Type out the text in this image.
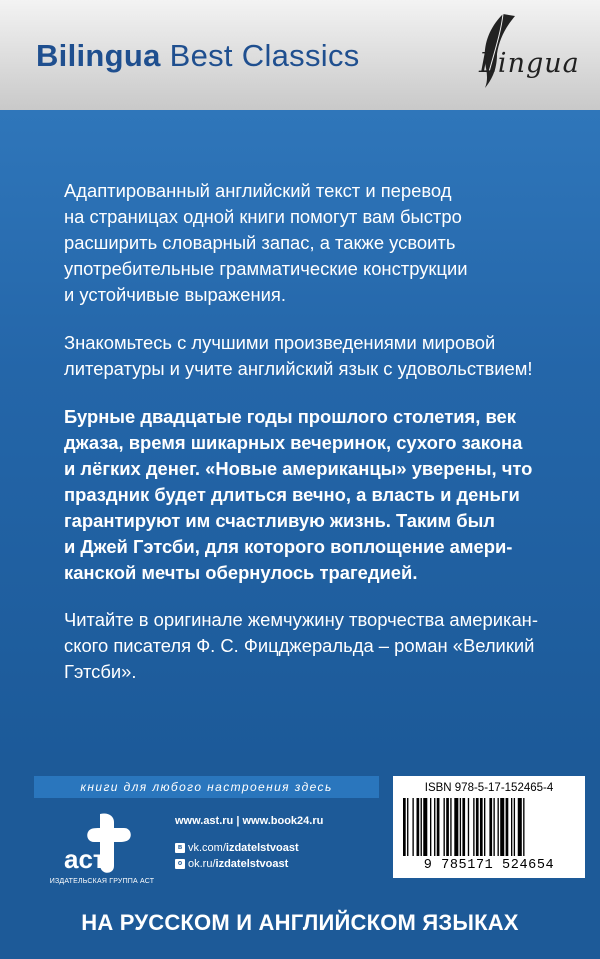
Bilingua Best Classics	Lingua
Адаптированный английский текст и перевод
на страницах одной книги помогут вам быстро
расширить словарный запас, а также усвоить
употребительные грамматические конструкции
и устойчивые выражения.
Знакомьтесь с лучшими произведениями мировой
литературы и учите английский язык с удовольствием!
Бурные двадцатые годы прошлого столетия, век
джаза, время шикарных вечеринок, сухого закона
и лёгких денег. «Новые американцы» уверены, что
праздник будет длиться вечно, а власть и деньги
гарантируют им счастливую жизнь. Таким был
и Джей Гэтсби, для которого воплощение амери-
канской мечты обернулось трагедией.
Читайте в оригинале жемчужину творчества американ-
ского писателя Ф. С. Фицджеральда – роман «Великий
Гэтсби».
книги для любого настроения здесь
аст
ИЗДАТЕЛЬСКАЯ ГРУППА АСТ
www.ast.ru | www.book24.ru
в vk.com/izdatelstvoast
о ok.ru/izdatelstvoast
ISBN 978-5-17-152465-4
9 785171 524654
НА РУССКОМ И АНГЛИЙСКОМ ЯЗЫКАХ
